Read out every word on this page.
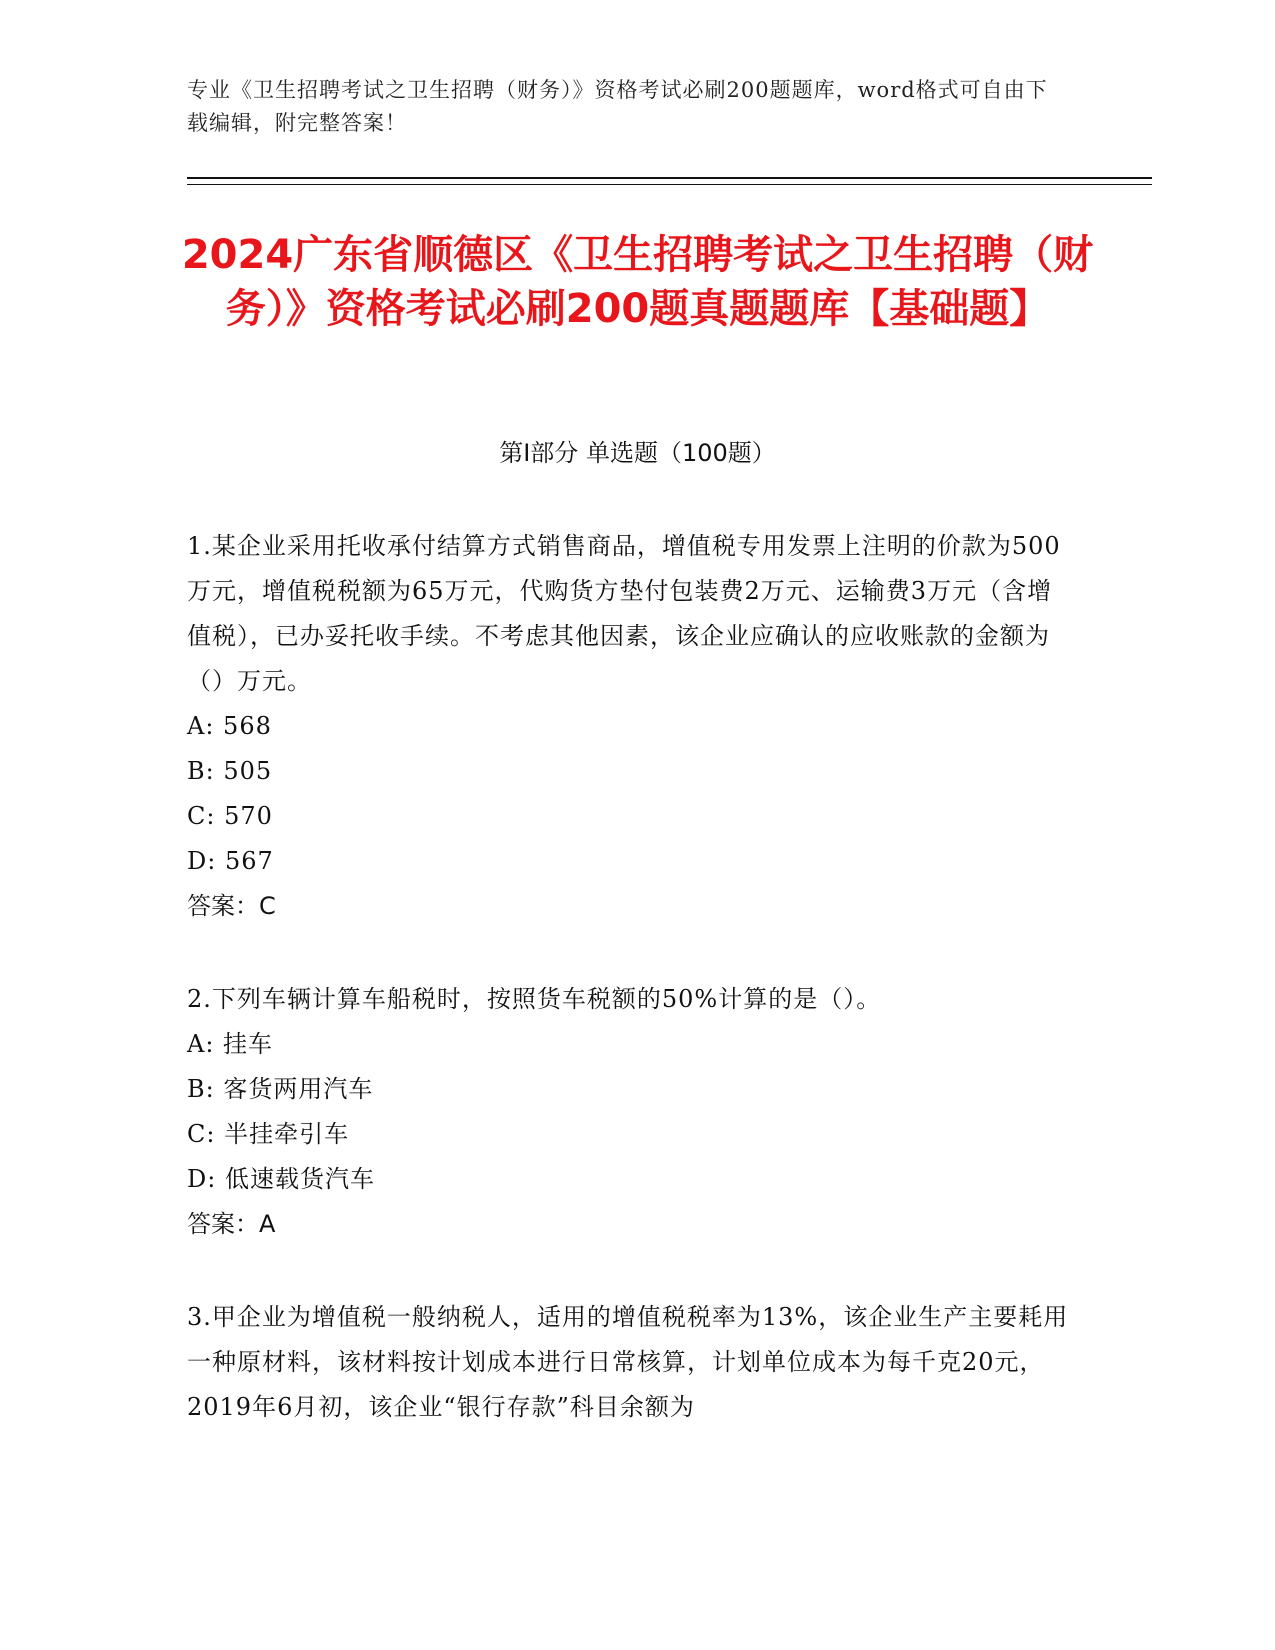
专业《卫生招聘考试之卫生招聘（财务）》资格考试必刷200题题库，word格式可自由下载编辑，附完整答案！
2024广东省顺德区《卫生招聘考试之卫生招聘（财务）》资格考试必刷200题真题题库【基础题】
第I部分 单选题（100题）

1.某企业采用托收承付结算方式销售商品，增值税专用发票上注明的价款为500万元，增值税税额为65万元，代购货方垫付包装费2万元、运输费3万元（含增值税），已办妥托收手续。不考虑其他因素，该企业应确认的应收账款的金额为（）万元。

A: 568

B: 505

C: 570

D: 567

答案：C

2.下列车辆计算车船税时，按照货车税额的50%计算的是（）。

A: 挂车

B: 客货两用汽车

C: 半挂牵引车

D: 低速载货汽车

答案：A

3.甲企业为增值税一般纳税人，适用的增值税税率为13%，该企业生产主要耗用一种原材料，该材料按计划成本进行日常核算，计划单位成本为每千克20元，2019年6月初，该企业“银行存款”科目余额为
